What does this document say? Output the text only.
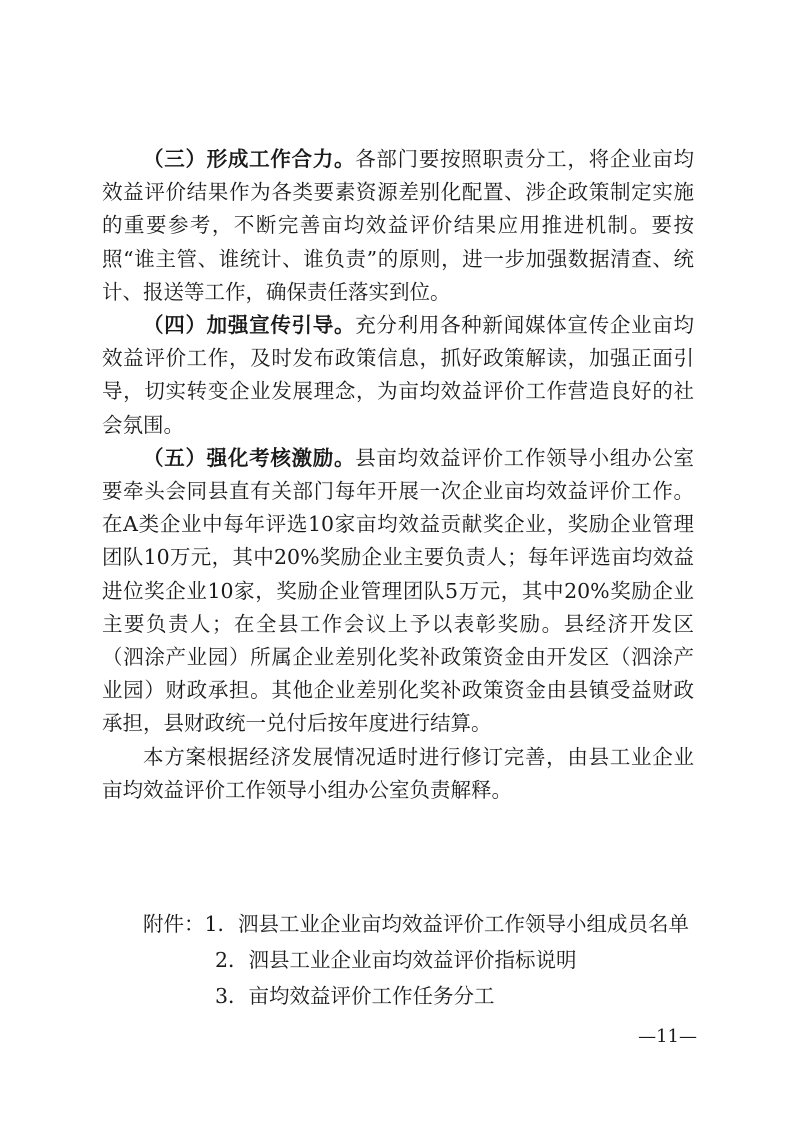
（三）形成工作合力。各部门要按照职责分工，将企业亩均效益评价结果作为各类要素资源差别化配置、涉企政策制定实施的重要参考，不断完善亩均效益评价结果应用推进机制。要按照“谁主管、谁统计、谁负责”的原则，进一步加强数据清查、统计、报送等工作，确保责任落实到位。

（四）加强宣传引导。充分利用各种新闻媒体宣传企业亩均效益评价工作，及时发布政策信息，抓好政策解读，加强正面引导，切实转变企业发展理念，为亩均效益评价工作营造良好的社会氛围。

（五）强化考核激励。县亩均效益评价工作领导小组办公室要牵头会同县直有关部门每年开展一次企业亩均效益评价工作。在A类企业中每年评选10家亩均效益贡献奖企业，奖励企业管理团队10万元，其中20%奖励企业主要负责人；每年评选亩均效益进位奖企业10家，奖励企业管理团队5万元，其中20%奖励企业主要负责人；在全县工作会议上予以表彰奖励。县经济开发区（泗涂产业园）所属企业差别化奖补政策资金由开发区（泗涂产业园）财政承担。其他企业差别化奖补政策资金由县镇受益财政承担，县财政统一兑付后按年度进行结算。

本方案根据经济发展情况适时进行修订完善，由县工业企业亩均效益评价工作领导小组办公室负责解释。

附件：1．泗县工业企业亩均效益评价工作领导小组成员名单
2．泗县工业企业亩均效益评价指标说明
3．亩均效益评价工作任务分工
—11—
